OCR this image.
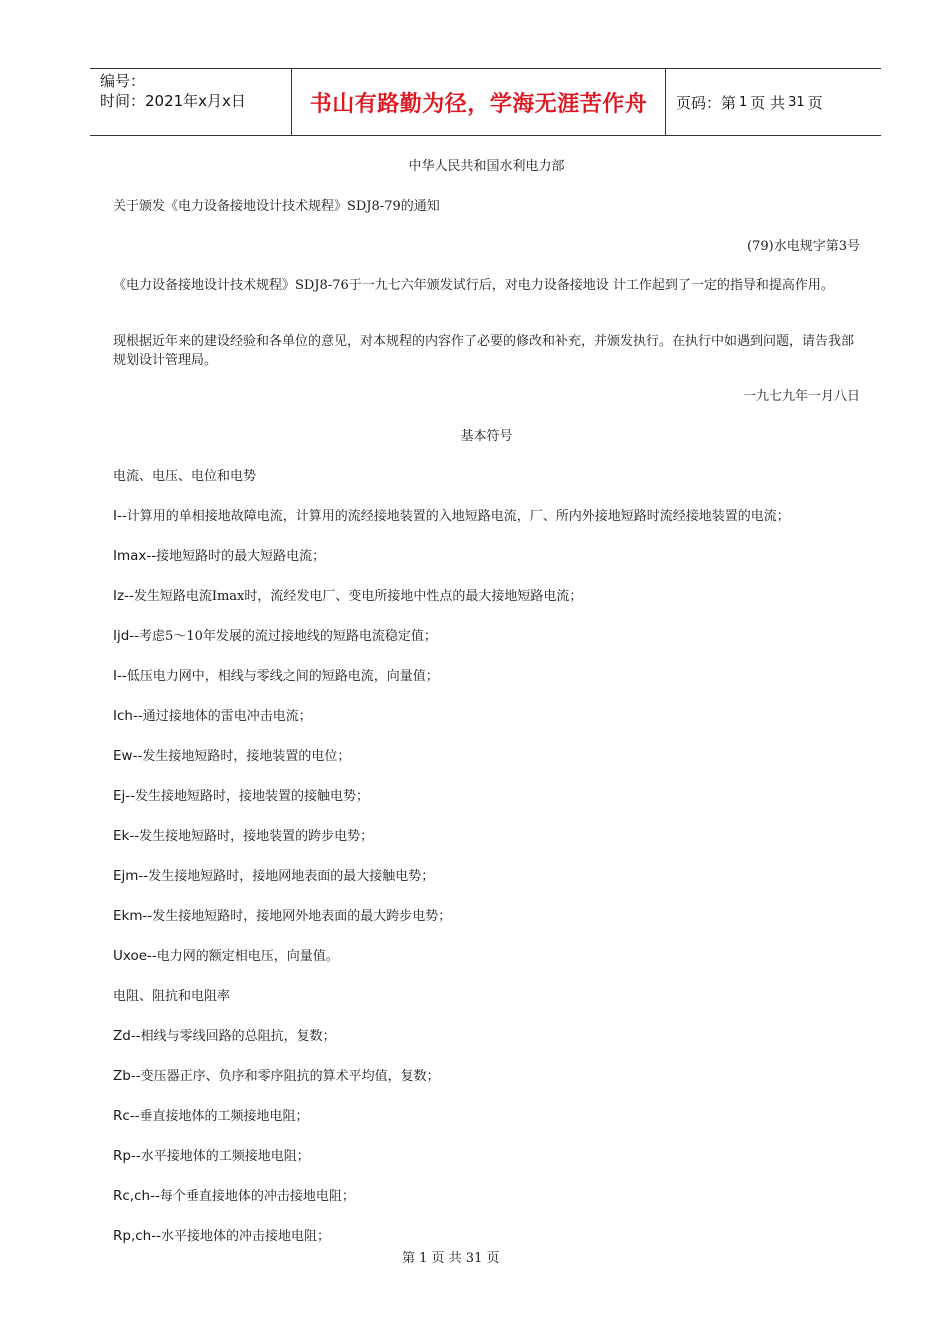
编号：
时间：2021年x月x日	书山有路勤为径，学海无涯苦作舟	页码：第 1 页 共 31 页

中华人民共和国水利电力部

关于颁发《电力设备接地设计技术规程》SDJ8-79的通知

(79)水电规字第3号

《电力设备接地设计技术规程》SDJ8-76于一九七六年颁发试行后，对电力设备接地设 计工作起到了一定的指导和提高作用。

现根据近年来的建设经验和各单位的意见，对本规程的内容作了必要的修改和补充，并颁发执行。在执行中如遇到问题，请告我部规划设计管理局。

一九七九年一月八日

基本符号

电流、电压、电位和电势

I--计算用的单相接地故障电流，计算用的流经接地装置的入地短路电流，厂、所内外接地短路时流经接地装置的电流；

Imax--接地短路时的最大短路电流；

Iz--发生短路电流Imax时，流经发电厂、变电所接地中性点的最大接地短路电流；

Ijd--考虑5～10年发展的流过接地线的短路电流稳定值；

I--低压电力网中，相线与零线之间的短路电流，向量值；

Ich--通过接地体的雷电冲击电流；

Ew--发生接地短路时，接地装置的电位；

Ej--发生接地短路时，接地装置的接触电势；

Ek--发生接地短路时，接地装置的跨步电势；

Ejm--发生接地短路时，接地网地表面的最大接触电势；

Ekm--发生接地短路时，接地网外地表面的最大跨步电势；

Uxoe--电力网的额定相电压，向量值。

电阻、阻抗和电阻率

Zd--相线与零线回路的总阻抗，复数；

Zb--变压器正序、负序和零序阻抗的算术平均值，复数；

Rc--垂直接地体的工频接地电阻；

Rp--水平接地体的工频接地电阻；

Rc,ch--每个垂直接地体的冲击接地电阻；

Rp,ch--水平接地体的冲击接地电阻；

第 1 页 共 31 页
